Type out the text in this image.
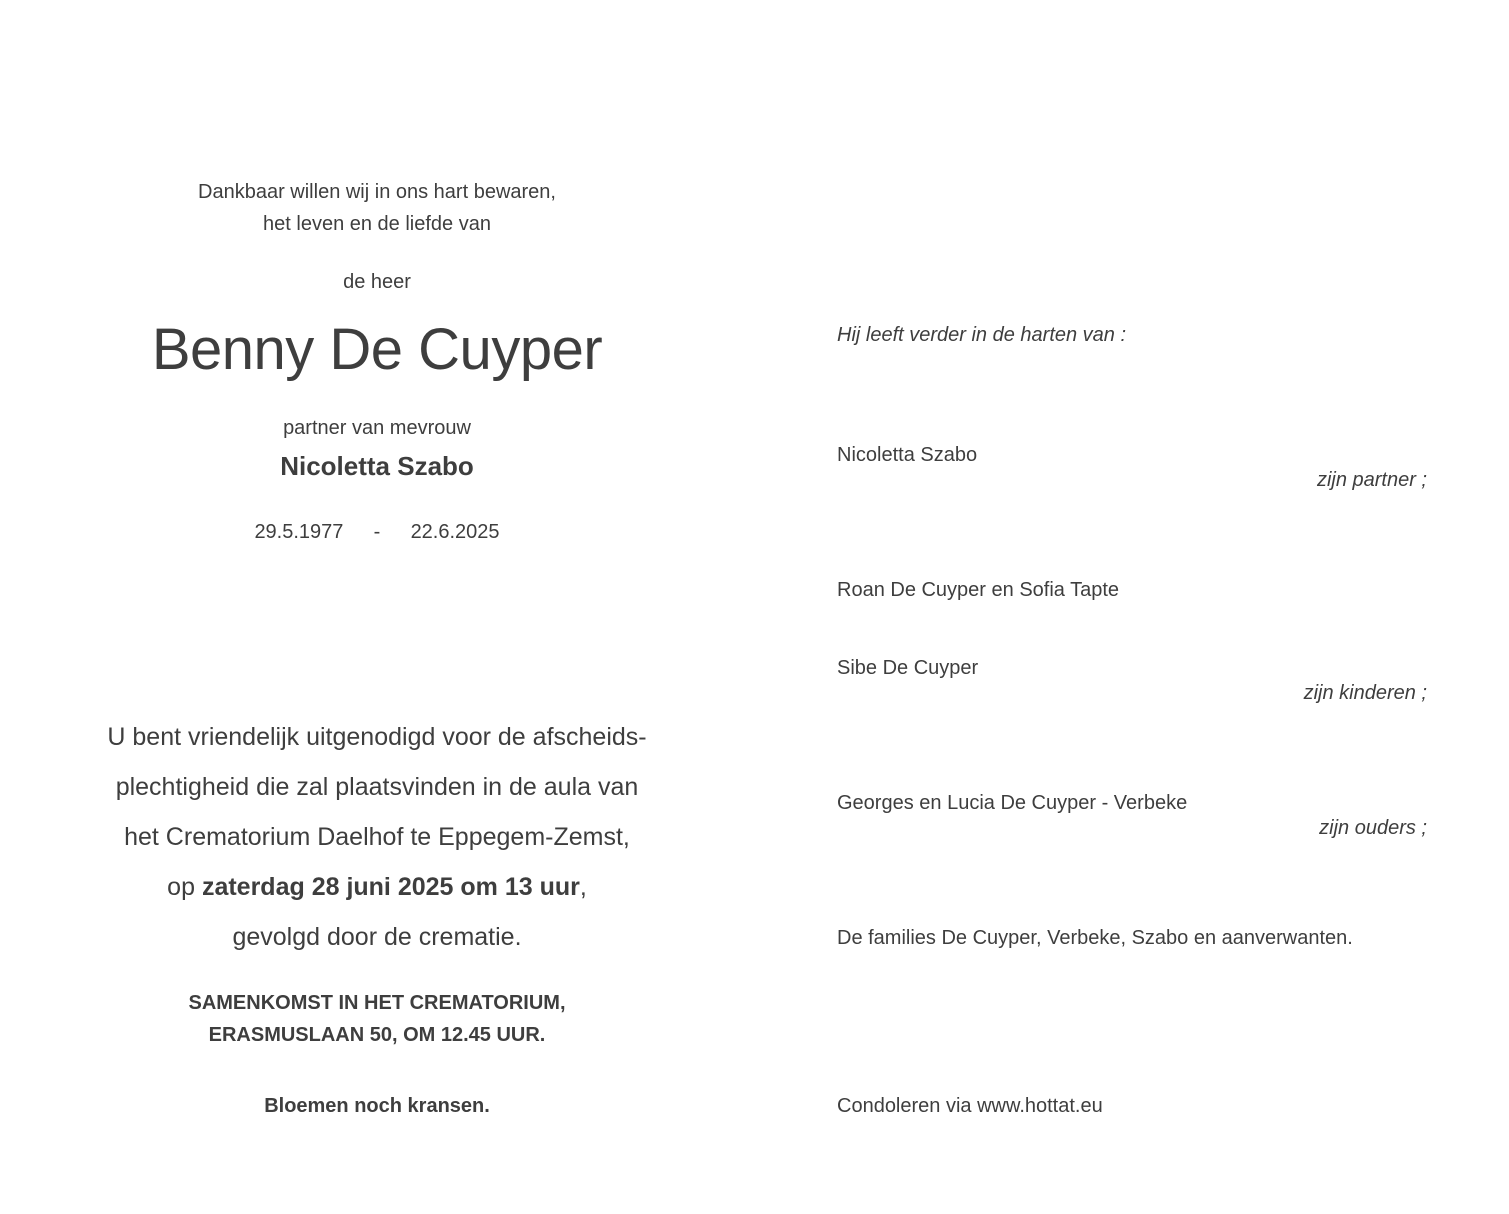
Dankbaar willen wij in ons hart bewaren,
het leven en de liefde van
de heer
Benny De Cuyper
partner van mevrouw
Nicoletta Szabo
29.5.1977 - 22.6.2025
U bent vriendelijk uitgenodigd voor de afscheids-
plechtigheid die zal plaatsvinden in de aula van
het Crematorium Daelhof te Eppegem-Zemst,
op zaterdag 28 juni 2025 om 13 uur,
gevolgd door de crematie.
SAMENKOMST IN HET CREMATORIUM,
ERASMUSLAAN 50, OM 12.45 UUR.
Bloemen noch kransen.
Hij leeft verder in de harten van :
Nicoletta Szabo
zijn partner ;
Roan De Cuyper en Sofia Tapte
Sibe De Cuyper
zijn kinderen ;
Georges en Lucia De Cuyper - Verbeke
zijn ouders ;
De families De Cuyper, Verbeke, Szabo en aanverwanten.
Condoleren via www.hottat.eu
